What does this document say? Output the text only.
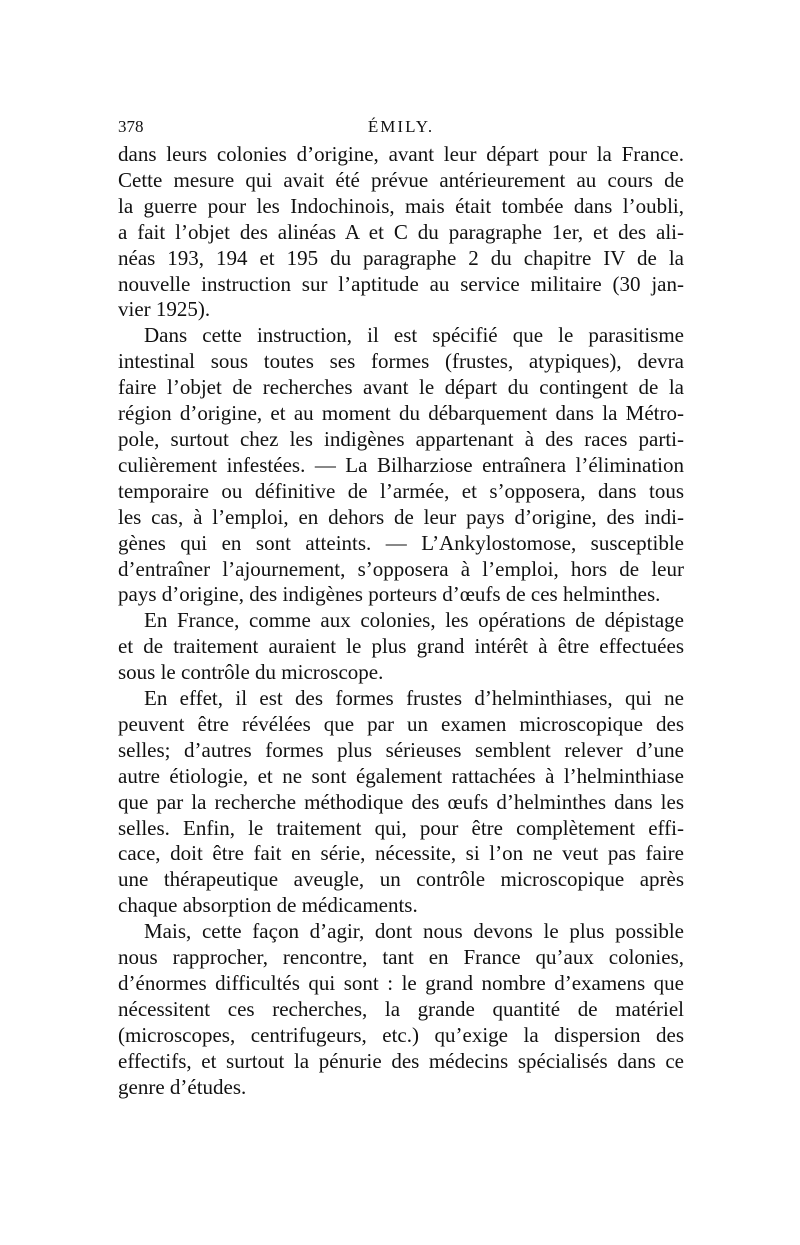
378	ÉMILY.
dans leurs colonies d’origine, avant leur départ pour la France.
Cette mesure qui avait été prévue antérieurement au cours de
la guerre pour les Indochinois, mais était tombée dans l’oubli,
a fait l’objet des alinéas A et C du paragraphe 1er, et des ali-
néas 193, 194 et 195 du paragraphe 2 du chapitre IV de la
nouvelle instruction sur l’aptitude au service militaire (30 jan-
vier 1925).
Dans cette instruction, il est spécifié que le parasitisme
intestinal sous toutes ses formes (frustes, atypiques), devra
faire l’objet de recherches avant le départ du contingent de la
région d’origine, et au moment du débarquement dans la Métro-
pole, surtout chez les indigènes appartenant à des races parti-
culièrement infestées. — La Bilharziose entraînera l’élimination
temporaire ou définitive de l’armée, et s’opposera, dans tous
les cas, à l’emploi, en dehors de leur pays d’origine, des indi-
gènes qui en sont atteints. — L’Ankylostomose, susceptible
d’entraîner l’ajournement, s’opposera à l’emploi, hors de leur
pays d’origine, des indigènes porteurs d’œufs de ces helminthes.
En France, comme aux colonies, les opérations de dépistage
et de traitement auraient le plus grand intérêt à être effectuées
sous le contrôle du microscope.
En effet, il est des formes frustes d’helminthiases, qui ne
peuvent être révélées que par un examen microscopique des
selles; d’autres formes plus sérieuses semblent relever d’une
autre étiologie, et ne sont également rattachées à l’helminthiase
que par la recherche méthodique des œufs d’helminthes dans les
selles. Enfin, le traitement qui, pour être complètement effi-
cace, doit être fait en série, nécessite, si l’on ne veut pas faire
une thérapeutique aveugle, un contrôle microscopique après
chaque absorption de médicaments.
Mais, cette façon d’agir, dont nous devons le plus possible
nous rapprocher, rencontre, tant en France qu’aux colonies,
d’énormes difficultés qui sont : le grand nombre d’examens que
nécessitent ces recherches, la grande quantité de matériel
(microscopes, centrifugeurs, etc.) qu’exige la dispersion des
effectifs, et surtout la pénurie des médecins spécialisés dans ce
genre d’études.
